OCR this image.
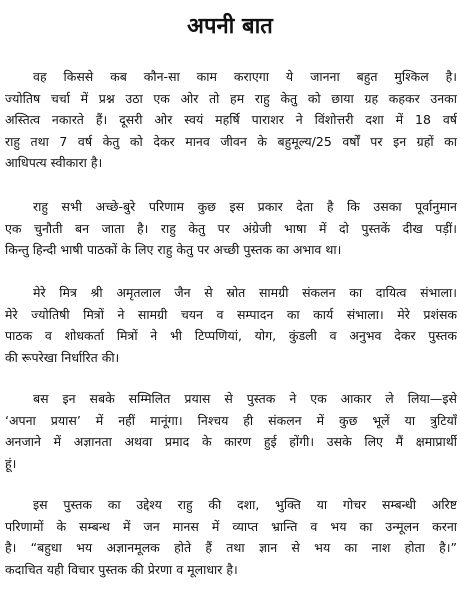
अपनी बात
वह किससे कब कौन-सा काम कराएगा ये जानना बहुत मुश्किल है।
ज्योतिष चर्चा में प्रश्न उठा एक ओर तो हम राहु केतु को छाया ग्रह कहकर उनका
अस्तित्व नकारते हैं। दूसरी ओर स्वयं महर्षि पाराशर ने विंशोत्तरी दशा में 18 वर्ष
राहु तथा 7 वर्ष केतु को देकर मानव जीवन के बहुमूल्य/25 वर्षों पर इन ग्रहों का
आधिपत्य स्वीकारा है।
राहु सभी अच्छे-बुरे परिणाम कुछ इस प्रकार देता है कि उसका पूर्वानुमान
एक चुनौती बन जाता है। राहु केतु पर अंग्रेजी भाषा में दो पुस्तकें दीख पड़ीं।
किन्तु हिन्दी भाषी पाठकों के लिए राहु केतु पर अच्छी पुस्तक का अभाव था।
मेरे मित्र श्री अमृतलाल जैन से स्रोत सामग्री संकलन का दायित्व संभाला।
मेरे ज्योतिषी मित्रों ने सामग्री चयन व सम्पादन का कार्य संभाला। मेरे प्रशंसक
पाठक व शोधकर्ता मित्रों ने भी टिप्पणियां, योग, कुंडली व अनुभव देकर पुस्तक
की रूपरेखा निर्धारित की।
बस इन सबके सम्मिलित प्रयास से पुस्तक ने एक आकार ले लिया—इसे
‘अपना प्रयास’ में नहीं मानूंगा। निश्चय ही संकलन में कुछ भूलें या त्रुटियाँ
अनजाने में अज्ञानता अथवा प्रमाद के कारण हुई होंगी। उसके लिए मैं क्षमाप्रार्थी
हूं।
इस पुस्तक का उद्देश्य राहु की दशा, भुक्ति या गोचर सम्बन्धी अरिष्ट
परिणामों के सम्बन्ध में जन मानस में व्याप्त भ्रान्ति व भय का उन्मूलन करना
है। “बहुधा भय अज्ञानमूलक होते हैं तथा ज्ञान से भय का नाश होता है।”
कदाचित यही विचार पुस्तक की प्रेरणा व मूलाधार है।
